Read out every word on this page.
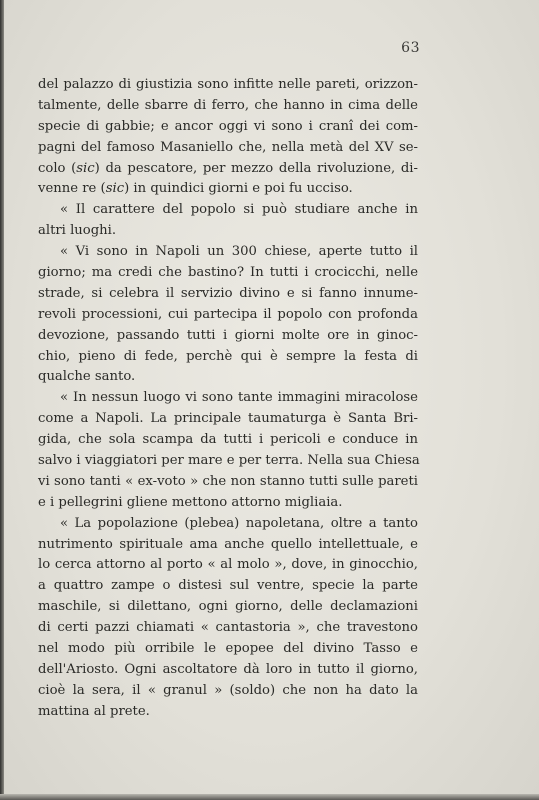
63
del palazzo di giustizia sono infitte nelle pareti, orizzon-
talmente, delle sbarre di ferro, che hanno in cima delle
specie di gabbie; e ancor oggi vi sono i cranî dei com-
pagni del famoso Masaniello che, nella metà del XV se-
colo (sic) da pescatore, per mezzo della rivoluzione, di-
venne re (sic) in quindici giorni e poi fu ucciso.
« Il carattere del popolo si può studiare anche in
altri luoghi.
« Vi sono in Napoli un 300 chiese, aperte tutto il
giorno; ma credi che bastino? In tutti i crocicchi, nelle
strade, si celebra il servizio divino e si fanno innume-
revoli processioni, cui partecipa il popolo con profonda
devozione, passando tutti i giorni molte ore in ginoc-
chio, pieno di fede, perchè qui è sempre la festa di
qualche santo.
« In nessun luogo vi sono tante immagini miracolose
come a Napoli. La principale taumaturga è Santa Bri-
gida, che sola scampa da tutti i pericoli e conduce in
salvo i viaggiatori per mare e per terra. Nella sua Chiesa
vi sono tanti « ex-voto » che non stanno tutti sulle pareti
e i pellegrini gliene mettono attorno migliaia.
« La popolazione (plebea) napoletana, oltre a tanto
nutrimento spirituale ama anche quello intellettuale, e
lo cerca attorno al porto « al molo », dove, in ginocchio,
a quattro zampe o distesi sul ventre, specie la parte
maschile, si dilettano, ogni giorno, delle declamazioni
di certi pazzi chiamati « cantastoria », che travestono
nel modo più orribile le epopee del divino Tasso e
dell'Ariosto. Ogni ascoltatore dà loro in tutto il giorno,
cioè la sera, il « granul » (soldo) che non ha dato la
mattina al prete.
